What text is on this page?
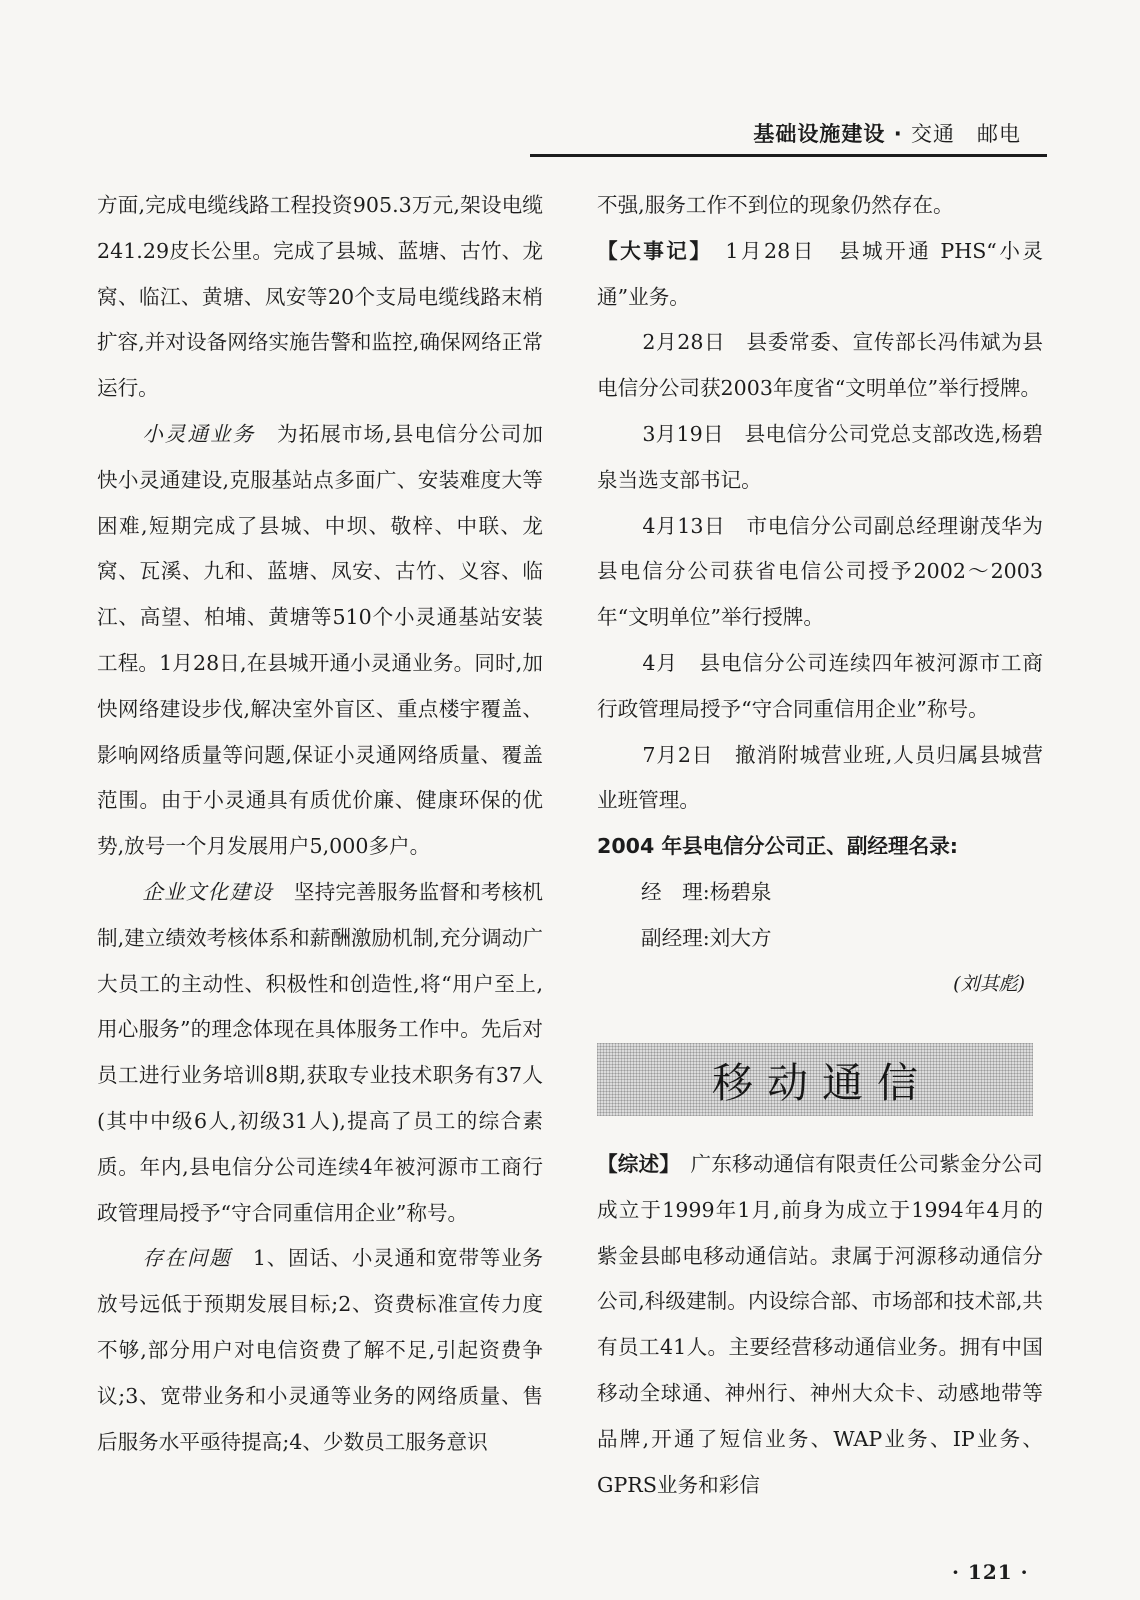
基础设施建设 · 交通　邮电

方面,完成电缆线路工程投资905.3万元,架设电缆241.29皮长公里。完成了县城、蓝塘、古竹、龙窝、临江、黄塘、凤安等20个支局电缆线路末梢扩容,并对设备网络实施告警和监控,确保网络正常运行。

小灵通业务　 为拓展市场,县电信分公司加快小灵通建设,克服基站点多面广、安装难度大等困难,短期完成了县城、中坝、敬梓、中联、龙窝、瓦溪、九和、蓝塘、凤安、古竹、义容、临江、高望、柏埔、黄塘等510个小灵通基站安装工程。1月28日,在县城开通小灵通业务。同时,加快网络建设步伐,解决室外盲区、重点楼宇覆盖、影响网络质量等问题,保证小灵通网络质量、覆盖范围。由于小灵通具有质优价廉、健康环保的优势,放号一个月发展用户5,000多户。

企业文化建设　 坚持完善服务监督和考核机制,建立绩效考核体系和薪酬激励机制,充分调动广大员工的主动性、积极性和创造性,将“用户至上,用心服务”的理念体现在具体服务工作中。先后对员工进行业务培训8期,获取专业技术职务有37人(其中中级6人,初级31人),提高了员工的综合素质。年内,县电信分公司连续4年被河源市工商行政管理局授予“守合同重信用企业”称号。

存在问题　 1、固话、小灵通和宽带等业务放号远低于预期发展目标;2、资费标准宣传力度不够,部分用户对电信资费了解不足,引起资费争议;3、宽带业务和小灵通等业务的网络质量、售后服务水平亟待提高;4、少数员工服务意识

不强,服务工作不到位的现象仍然存在。

【大事记】　 1月28日　 县城开通 PHS“小灵通”业务。

2月28日　县委常委、宣传部长冯伟斌为县电信分公司获2003年度省“文明单位”举行授牌。

3月19日　县电信分公司党总支部改选,杨碧泉当选支部书记。

4月13日　市电信分公司副总经理谢茂华为县电信分公司获省电信公司授予2002～2003年“文明单位”举行授牌。

4月　县电信分公司连续四年被河源市工商行政管理局授予“守合同重信用企业”称号。

7月2日　撤消附城营业班,人员归属县城营业班管理。

2004 年县电信分公司正、副经理名录:

经　理:杨碧泉

副经理:刘大方

(刘其彪)

移动通信

【综述】　 广东移动通信有限责任公司紫金分公司成立于1999年1月,前身为成立于1994年4月的紫金县邮电移动通信站。隶属于河源移动通信分公司,科级建制。内设综合部、市场部和技术部,共有员工41人。主要经营移动通信业务。拥有中国移动全球通、神州行、神州大众卡、动感地带等品牌,开通了短信业务、WAP业务、IP业务、GPRS业务和彩信

· 121 ·
